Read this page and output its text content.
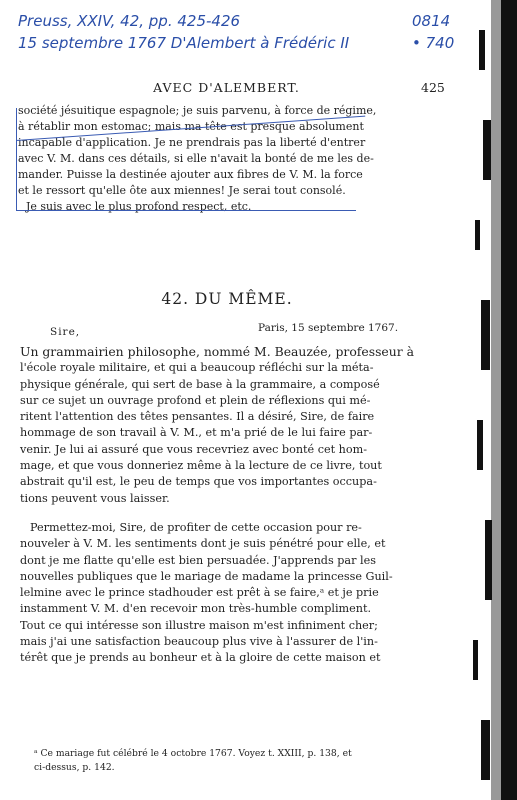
Preuss, XXIV, 42, pp. 425-426
15 septembre 1767 D'Alembert à Frédéric II
0814
• 740
AVEC D'ALEMBERT.	425
société jésuitique espagnole; je suis parvenu, à force de régime,
à rétablir mon estomac; mais ma tête est presque absolument
incapable d'application. Je ne prendrais pas la liberté d'entrer
avec V. M. dans ces détails, si elle n'avait la bonté de me les de-
mander. Puisse la destinée ajouter aux fibres de V. M. la force
et le ressort qu'elle ôte aux miennes! Je serai tout consolé.
Je suis avec le plus profond respect, etc.
42. DU MÊME.
Paris, 15 septembre 1767.
Sire,
Un grammairien philosophe, nommé M. Beauzée, professeur à
l'école royale militaire, et qui a beaucoup réfléchi sur la méta-
physique générale, qui sert de base à la grammaire, a composé
sur ce sujet un ouvrage profond et plein de réflexions qui mé-
ritent l'attention des têtes pensantes. Il a désiré, Sire, de faire
hommage de son travail à V. M., et m'a prié de le lui faire par-
venir. Je lui ai assuré que vous recevriez avec bonté cet hom-
mage, et que vous donneriez même à la lecture de ce livre, tout
abstrait qu'il est, le peu de temps que vos importantes occupa-
tions peuvent vous laisser.
Permettez-moi, Sire, de profiter de cette occasion pour re-
nouveler à V. M. les sentiments dont je suis pénétré pour elle, et
dont je me flatte qu'elle est bien persuadée. J'apprends par les
nouvelles publiques que le mariage de madame la princesse Guil-
lelmine avec le prince stadhouder est prêt à se faire,ᵃ et je prie
instamment V. M. d'en recevoir mon très-humble compliment.
Tout ce qui intéresse son illustre maison m'est infiniment cher;
mais j'ai une satisfaction beaucoup plus vive à l'assurer de l'in-
térêt que je prends au bonheur et à la gloire de cette maison et
ᵃ Ce mariage fut célébré le 4 octobre 1767. Voyez t. XXIII, p. 138, et
ci-dessus, p. 142.
